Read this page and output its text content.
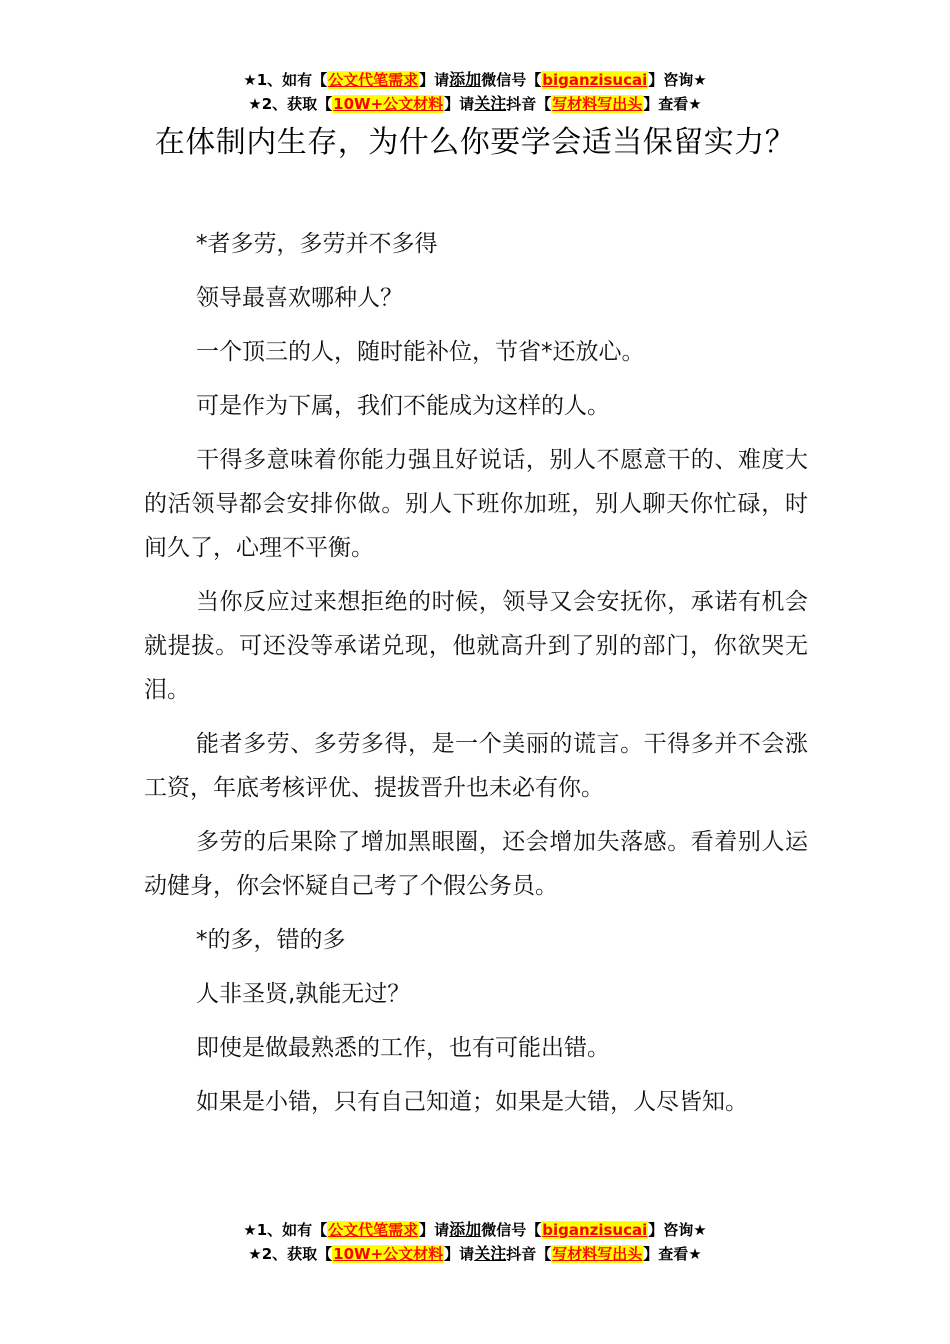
★1、如有【公文代笔需求】请添加微信号【biganzisucai】咨询★
★2、获取【10W+公文材料】请关注抖音【写材料写出头】查看★
在体制内生存，为什么你要学会适当保留实力？

*者多劳，多劳并不多得

领导最喜欢哪种人？

一个顶三的人，随时能补位，节省*还放心。

可是作为下属，我们不能成为这样的人。

干得多意味着你能力强且好说话，别人不愿意干的、难度大的活领导都会安排你做。别人下班你加班，别人聊天你忙碌，时间久了，心理不平衡。

当你反应过来想拒绝的时候，领导又会安抚你，承诺有机会就提拔。可还没等承诺兑现，他就高升到了别的部门，你欲哭无泪。

能者多劳、多劳多得，是一个美丽的谎言。干得多并不会涨工资，年底考核评优、提拔晋升也未必有你。

多劳的后果除了增加黑眼圈，还会增加失落感。看着别人运动健身，你会怀疑自己考了个假公务员。

*的多，错的多

人非圣贤,孰能无过？

即使是做最熟悉的工作，也有可能出错。

如果是小错，只有自己知道；如果是大错，人尽皆知。

★1、如有【公文代笔需求】请添加微信号【biganzisucai】咨询★
★2、获取【10W+公文材料】请关注抖音【写材料写出头】查看★
